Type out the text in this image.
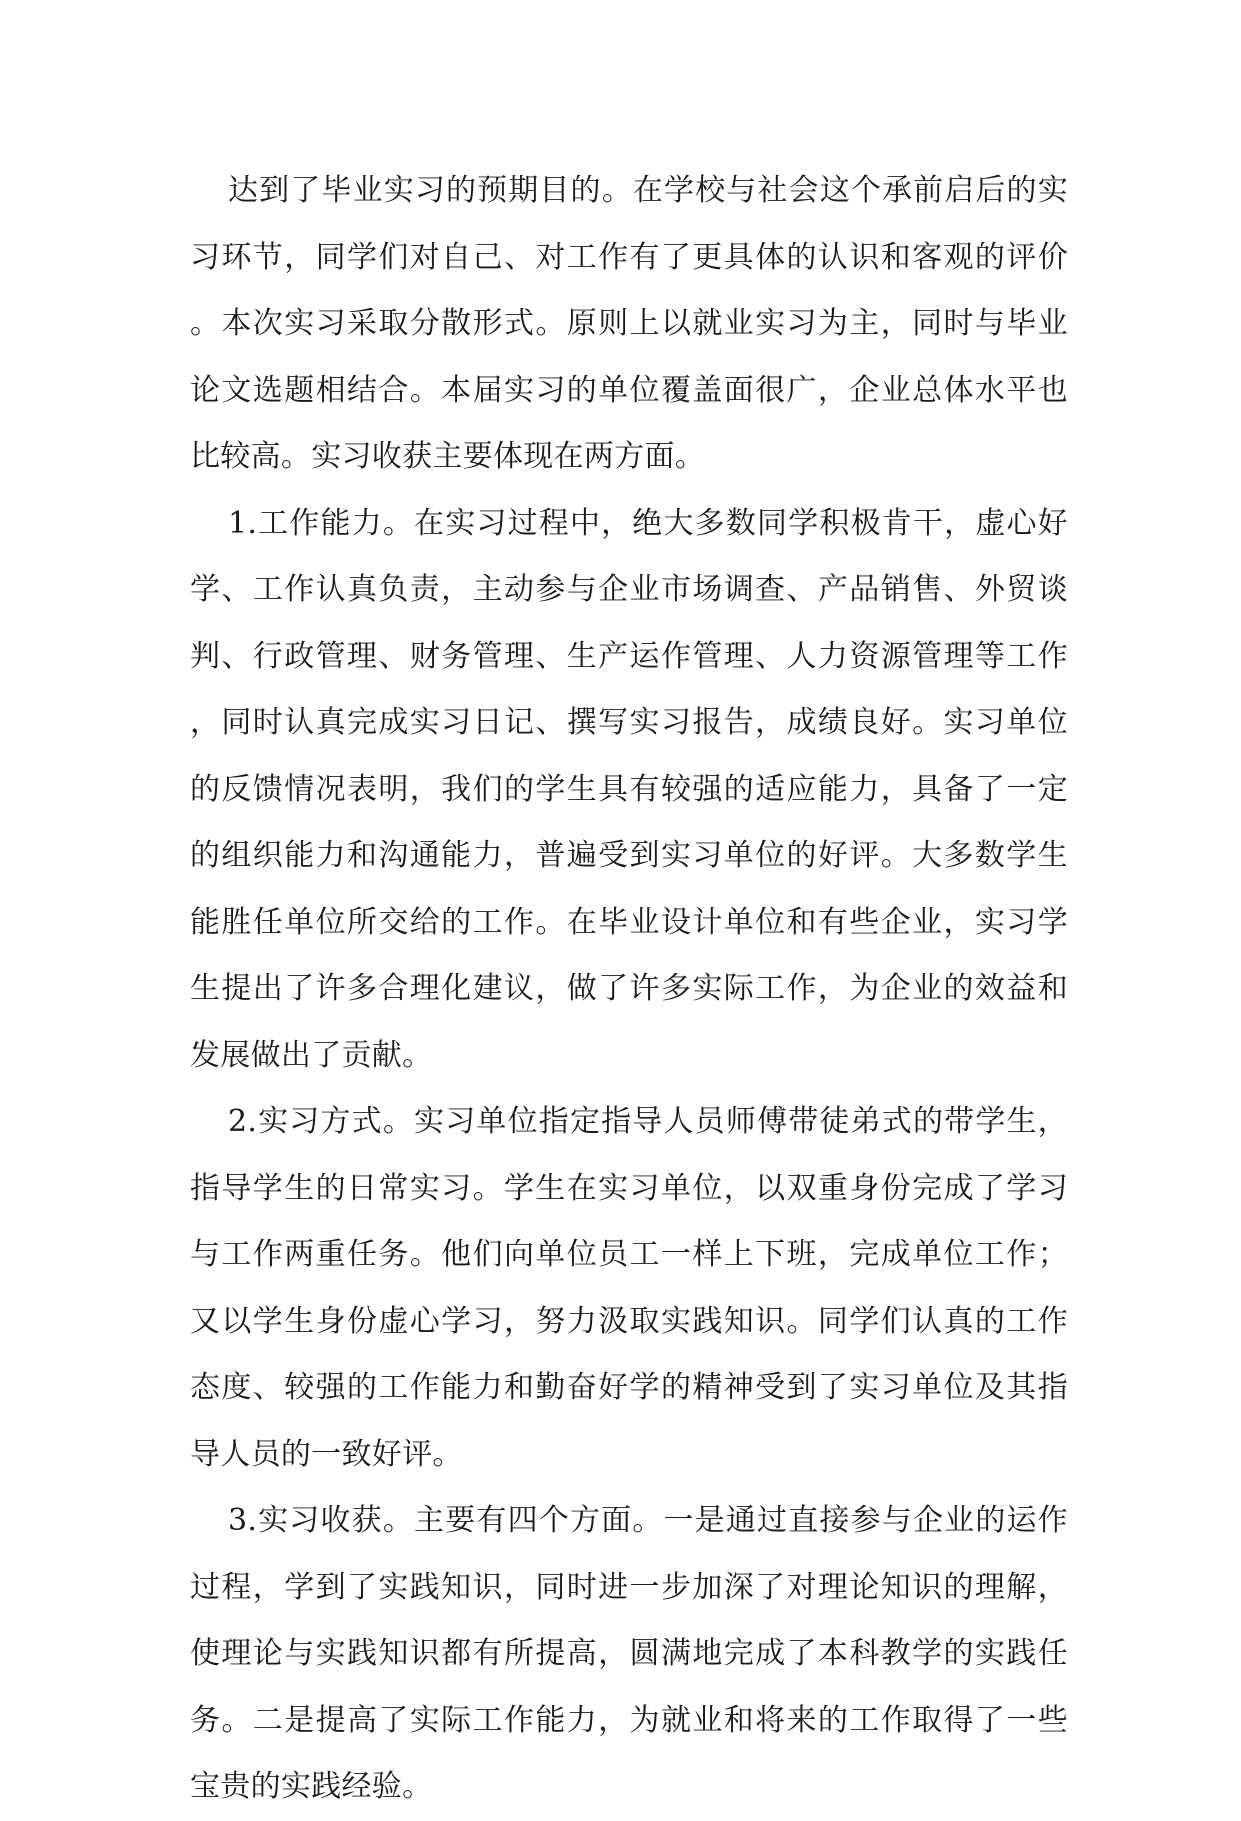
达到了毕业实习的预期目的。在学校与社会这个承前启后的实习环节，同学们对自己、对工作有了更具体的认识和客观的评价。本次实习采取分散形式。原则上以就业实习为主，同时与毕业论文选题相结合。本届实习的单位覆盖面很广，企业总体水平也比较高。实习收获主要体现在两方面。

1.工作能力。在实习过程中，绝大多数同学积极肯干，虚心好学、工作认真负责，主动参与企业市场调查、产品销售、外贸谈判、行政管理、财务管理、生产运作管理、人力资源管理等工作，同时认真完成实习日记、撰写实习报告，成绩良好。实习单位的反馈情况表明，我们的学生具有较强的适应能力，具备了一定的组织能力和沟通能力，普遍受到实习单位的好评。大多数学生能胜任单位所交给的工作。在毕业设计单位和有些企业，实习学生提出了许多合理化建议，做了许多实际工作，为企业的效益和发展做出了贡献。

2.实习方式。实习单位指定指导人员师傅带徒弟式的带学生，指导学生的日常实习。学生在实习单位，以双重身份完成了学习与工作两重任务。他们向单位员工一样上下班，完成单位工作；又以学生身份虚心学习，努力汲取实践知识。同学们认真的工作态度、较强的工作能力和勤奋好学的精神受到了实习单位及其指导人员的一致好评。

3.实习收获。主要有四个方面。一是通过直接参与企业的运作过程，学到了实践知识，同时进一步加深了对理论知识的理解，使理论与实践知识都有所提高，圆满地完成了本科教学的实践任务。二是提高了实际工作能力，为就业和将来的工作取得了一些宝贵的实践经验。
